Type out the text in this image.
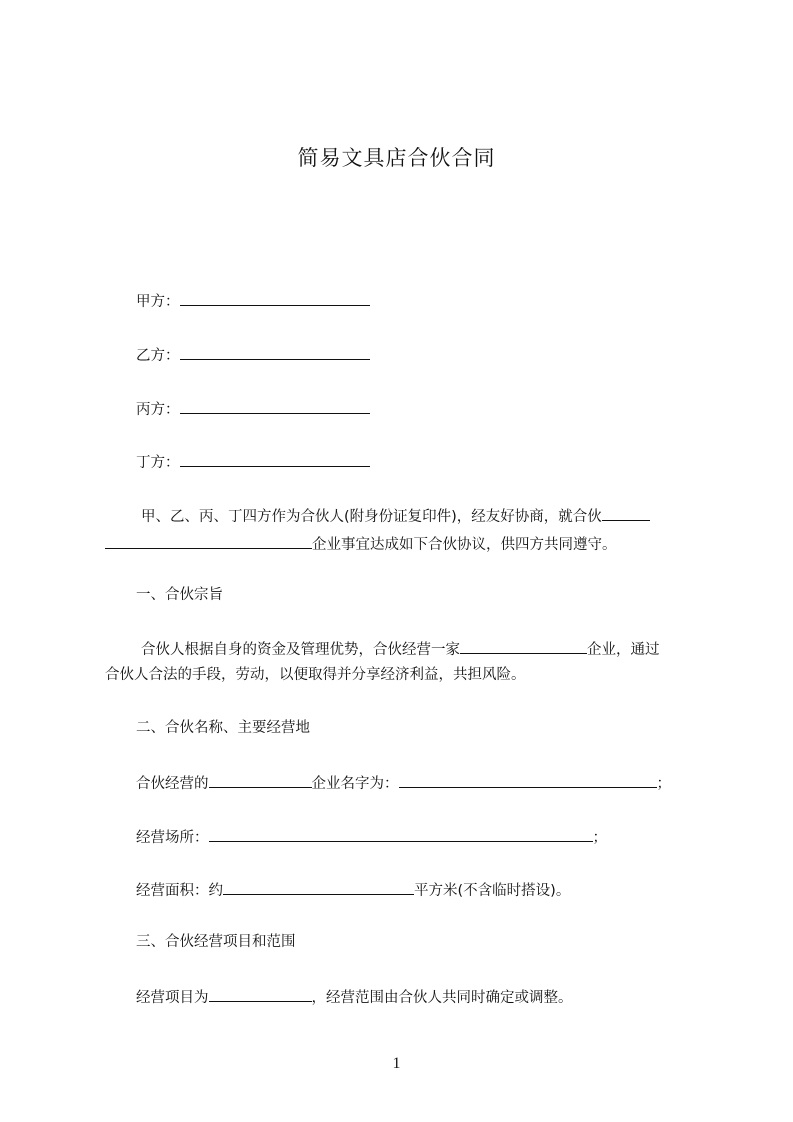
简易文具店合伙合同
甲方：
乙方：
丙方：
丁方：
甲、乙、丙、丁四方作为合伙人(附身份证复印件)，经友好协商，就合伙
企业事宜达成如下合伙协议，供四方共同遵守。
一、合伙宗旨
合伙人根据自身的资金及管理优势，合伙经营一家	企业，通过
合伙人合法的手段，劳动，以便取得并分享经济利益，共担风险。
二、合伙名称、主要经营地
合伙经营的	企业名字为：	；
经营场所：	；
经营面积：约	平方米(不含临时搭设)。
三、合伙经营项目和范围
经营项目为	，经营范围由合伙人共同时确定或调整。
1
